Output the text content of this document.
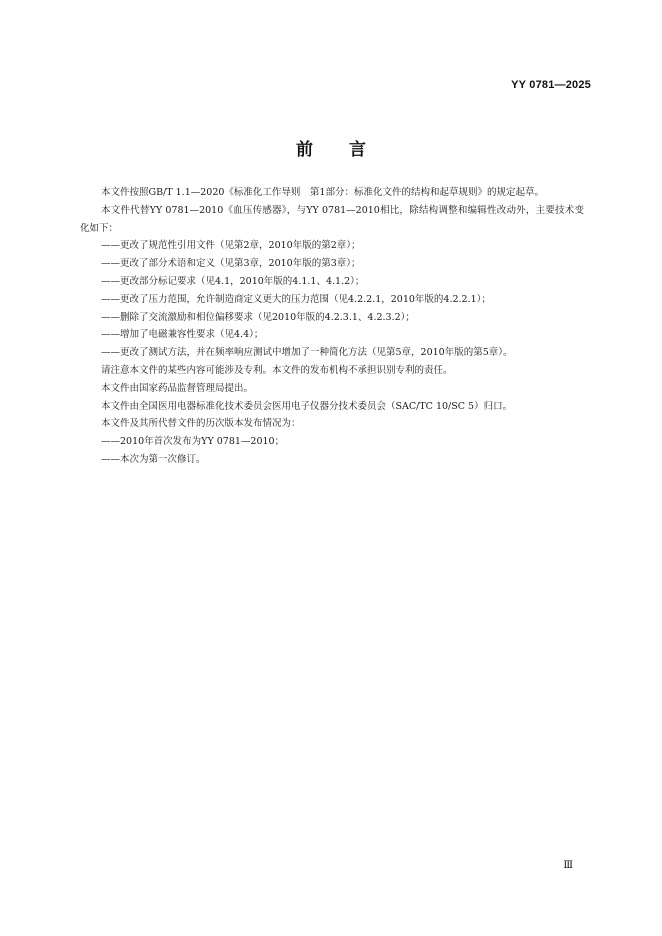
YY 0781—2025
前言

本文件按照GB/T 1.1—2020《标准化工作导则　第1部分：标准化文件的结构和起草规则》的规定起草。

本文件代替YY 0781—2010《血压传感器》，与YY 0781—2010相比，除结构调整和编辑性改动外，主要技术变化如下：

——更改了规范性引用文件（见第2章，2010年版的第2章）；

——更改了部分术语和定义（见第3章，2010年版的第3章）；

——更改部分标记要求（见4.1，2010年版的4.1.1、4.1.2）；

——更改了压力范围，允许制造商定义更大的压力范围（见4.2.2.1，2010年版的4.2.2.1）；

——删除了交流激励和相位偏移要求（见2010年版的4.2.3.1、4.2.3.2）；

——增加了电磁兼容性要求（见4.4）；

——更改了测试方法，并在频率响应测试中增加了一种简化方法（见第5章，2010年版的第5章）。

请注意本文件的某些内容可能涉及专利。本文件的发布机构不承担识别专利的责任。

本文件由国家药品监督管理局提出。

本文件由全国医用电器标准化技术委员会医用电子仪器分技术委员会（SAC/TC 10/SC 5）归口。

本文件及其所代替文件的历次版本发布情况为：

——2010年首次发布为YY 0781—2010；

——本次为第一次修订。

Ⅲ
